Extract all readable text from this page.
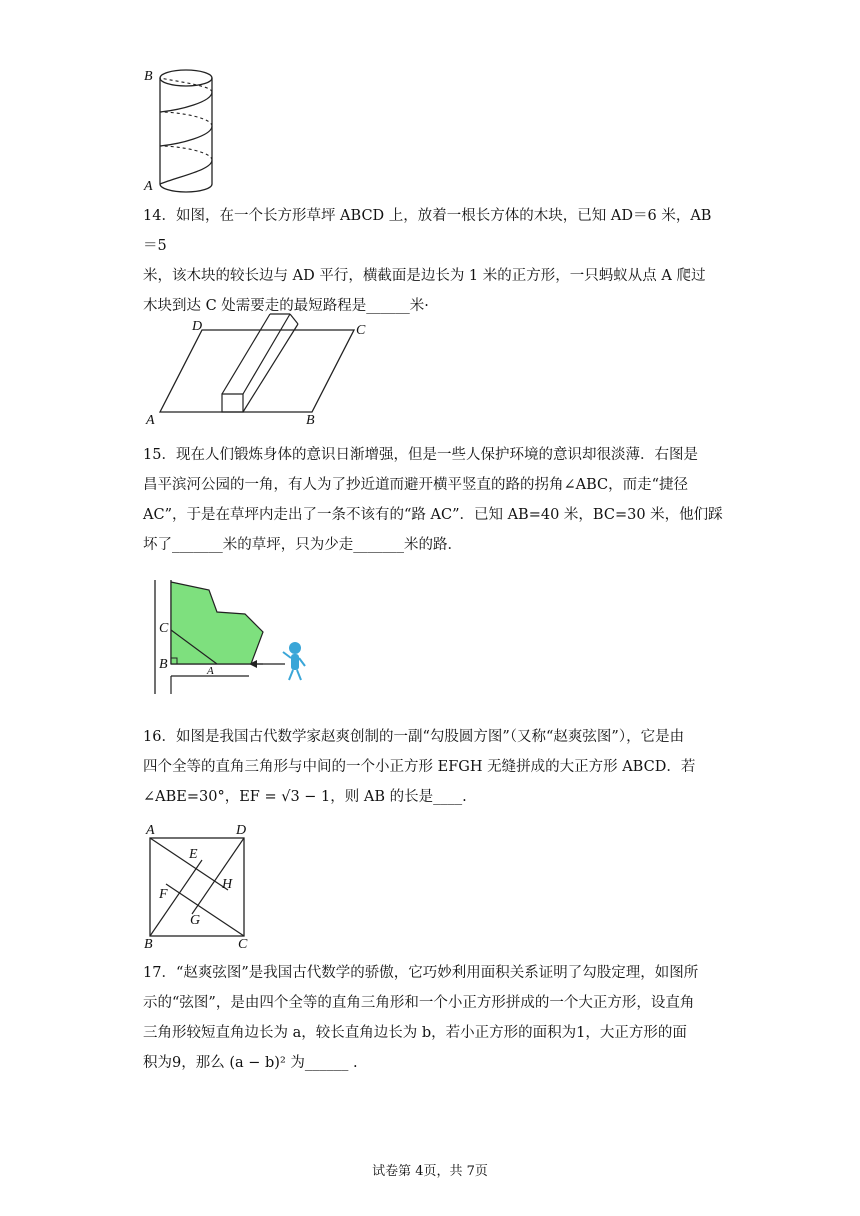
B
A

14．如图，在一个长方形草坪 ABCD 上，放着一根长方体的木块，已知 AD＝6 米，AB＝5

米，该木块的较长边与 AD 平行，横截面是边长为 1 米的正方形，一只蚂蚁从点 A 爬过

木块到达 C 处需要走的最短路程是______米·

D	C
A	B

15．现在人们锻炼身体的意识日渐增强，但是一些人保护环境的意识却很淡薄．右图是

昌平滨河公园的一角，有人为了抄近道而避开横平竖直的路的拐角∠ABC，而走“捷径

AC”，于是在草坪内走出了一条不该有的“路 AC”．已知 AB=40 米，BC=30 米，他们踩

坏了_______米的草坪，只为少走_______米的路．

C
B	A

16．如图是我国古代数学家赵爽创制的一副“勾股圆方图”（又称“赵爽弦图”），它是由

四个全等的直角三角形与中间的一个小正方形 EFGH 无缝拼成的大正方形 ABCD．若

∠ABE=30°，EF = √3 − 1，则 AB 的长是____.

A	D
B	C
E
F
G
H

17．“赵爽弦图”是我国古代数学的骄傲，它巧妙利用面积关系证明了勾股定理，如图所

示的“弦图”，是由四个全等的直角三角形和一个小正方形拼成的一个大正方形，设直角

三角形较短直角边长为 a，较长直角边长为 b，若小正方形的面积为1，大正方形的面

积为9，那么 (a − b)² 为______ .

试卷第 4页，共 7页
